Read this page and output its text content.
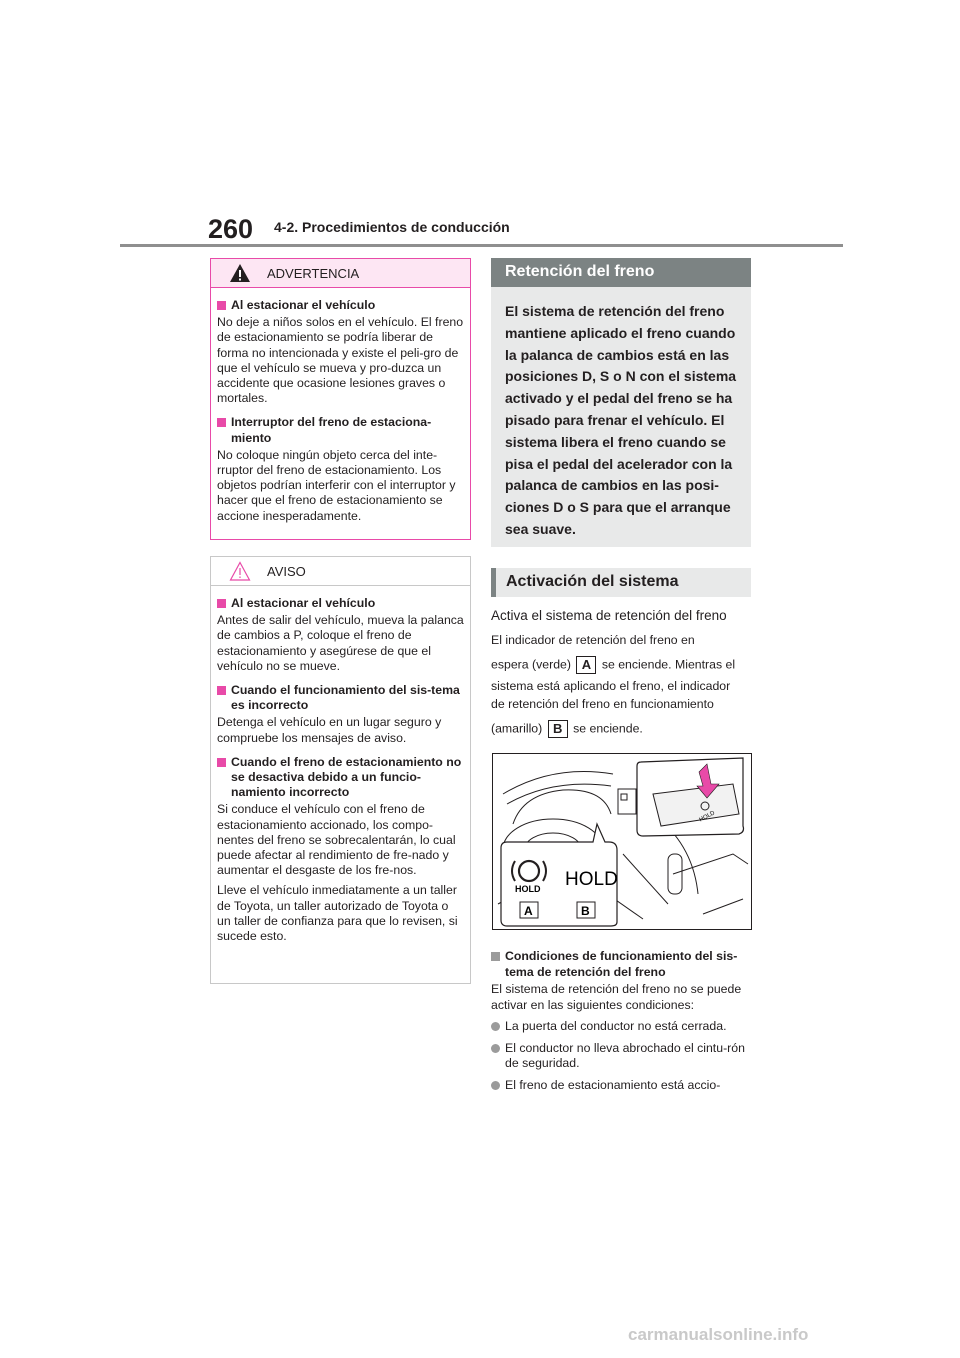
260 4-2. Procedimientos de conducción
ADVERTENCIA
Al estacionar el vehículo

No deje a niños solos en el vehículo. El freno de estacionamiento se podría liberar de forma no intencionada y existe el peli-gro de que el vehículo se mueva y pro-duzca un accidente que ocasione lesiones graves o mortales.

Interruptor del freno de estaciona-miento

No coloque ningún objeto cerca del inte-rruptor del freno de estacionamiento. Los objetos podrían interferir con el interruptor y hacer que el freno de estacionamiento se accione inesperadamente.

AVISO
Al estacionar el vehículo

Antes de salir del vehículo, mueva la palanca de cambios a P, coloque el freno de estacionamiento y asegúrese de que el vehículo no se mueve.

Cuando el funcionamiento del sis-tema es incorrecto

Detenga el vehículo en un lugar seguro y compruebe los mensajes de aviso.

Cuando el freno de estacionamiento no se desactiva debido a un funcio-namiento incorrecto

Si conduce el vehículo con el freno de estacionamiento accionado, los compo-nentes del freno se sobrecalentarán, lo cual puede afectar al rendimiento de fre-nado y aumentar el desgaste de los fre-nos.

Lleve el vehículo inmediatamente a un taller de Toyota, un taller autorizado de Toyota o un taller de confianza para que lo revisen, si sucede esto.

Retención del freno
El sistema de retención del freno mantiene aplicado el freno cuando la palanca de cambios está en las posiciones D, S o N con el sistema activado y el pedal del freno se ha pisado para frenar el vehículo. El sistema libera el freno cuando se pisa el pedal del acelerador con la palanca de cambios en las posi-ciones D o S para que el arranque sea suave.
Activación del sistema
Activa el sistema de retención del freno
El indicador de retención del freno en
espera (verde) A se enciende. Mientras el
sistema está aplicando el freno, el indicador
de retención del freno en funcionamiento
(amarillo) B se enciende.
HOLD
HOLD HOLD
A	B
Condiciones de funcionamiento del sis-tema de retención del freno
El sistema de retención del freno no se puede activar en las siguientes condiciones:
La puerta del conductor no está cerrada.
El conductor no lleva abrochado el cintu-rón de seguridad.
El freno de estacionamiento está accio-
carmanualsonline.info
